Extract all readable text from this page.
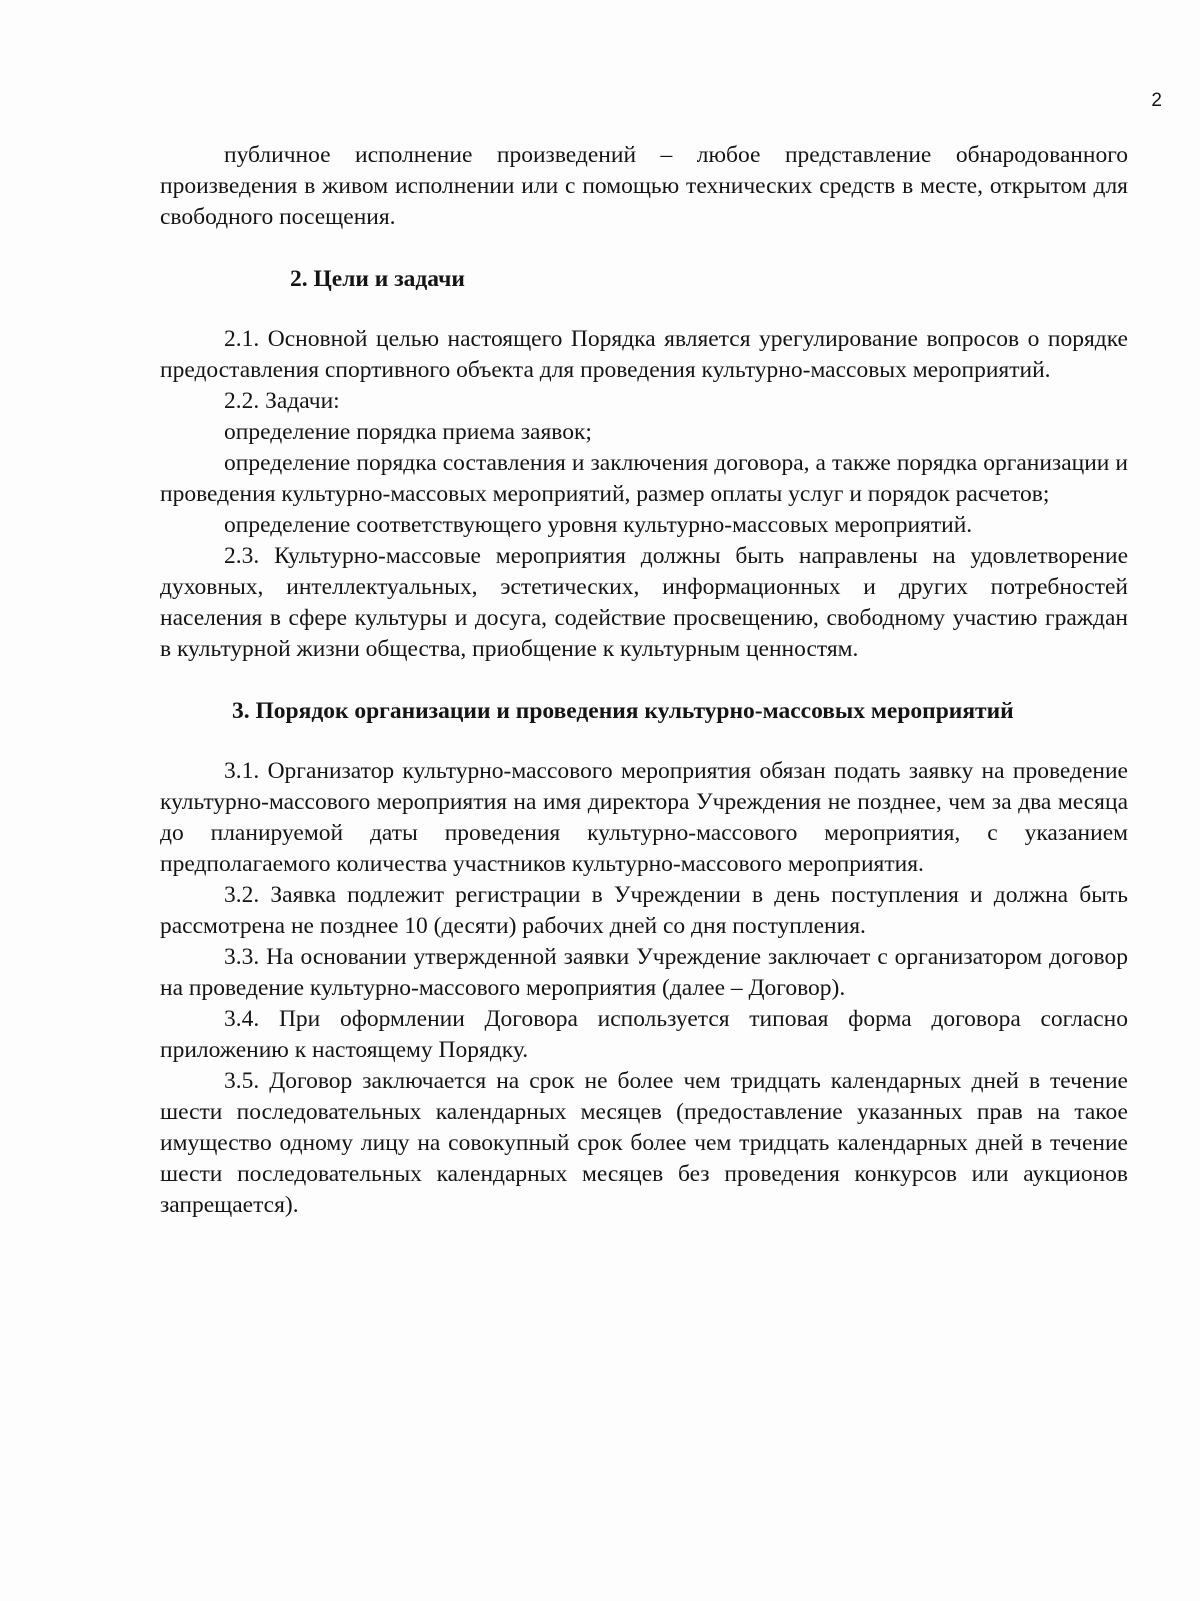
2

публичное исполнение произведений – любое представление обнародованного произведения в живом исполнении или с помощью технических средств в месте, открытом для свободного посещения.

2. Цели и задачи

2.1. Основной целью настоящего Порядка является урегулирование вопросов о порядке предоставления спортивного объекта для проведения культурно-массовых мероприятий.

2.2. Задачи:

определение порядка приема заявок;

определение порядка составления и заключения договора, а также порядка организации и проведения культурно-массовых мероприятий, размер оплаты услуг и порядок расчетов;

определение соответствующего уровня культурно-массовых мероприятий.

2.3. Культурно-массовые мероприятия должны быть направлены на удовлетворение духовных, интеллектуальных, эстетических, информационных и других потребностей населения в сфере культуры и досуга, содействие просвещению, свободному участию граждан в культурной жизни общества, приобщение к культурным ценностям.

3. Порядок организации и проведения культурно-массовых мероприятий

3.1. Организатор культурно-массового мероприятия обязан подать заявку на проведение культурно-массового мероприятия на имя директора Учреждения не позднее, чем за два месяца до планируемой даты проведения культурно-массового мероприятия, с указанием предполагаемого количества участников культурно-массового мероприятия.

3.2. Заявка подлежит регистрации в Учреждении в день поступления и должна быть рассмотрена не позднее 10 (десяти) рабочих дней со дня поступления.

3.3. На основании утвержденной заявки Учреждение заключает с организатором договор на проведение культурно-массового мероприятия (далее – Договор).

3.4. При оформлении Договора используется типовая форма договора согласно приложению к настоящему Порядку.

3.5. Договор заключается на срок не более чем тридцать календарных дней в течение шести последовательных календарных месяцев (предоставление указанных прав на такое имущество одному лицу на совокупный срок более чем тридцать календарных дней в течение шести последовательных календарных месяцев без проведения конкурсов или аукционов запрещается).
